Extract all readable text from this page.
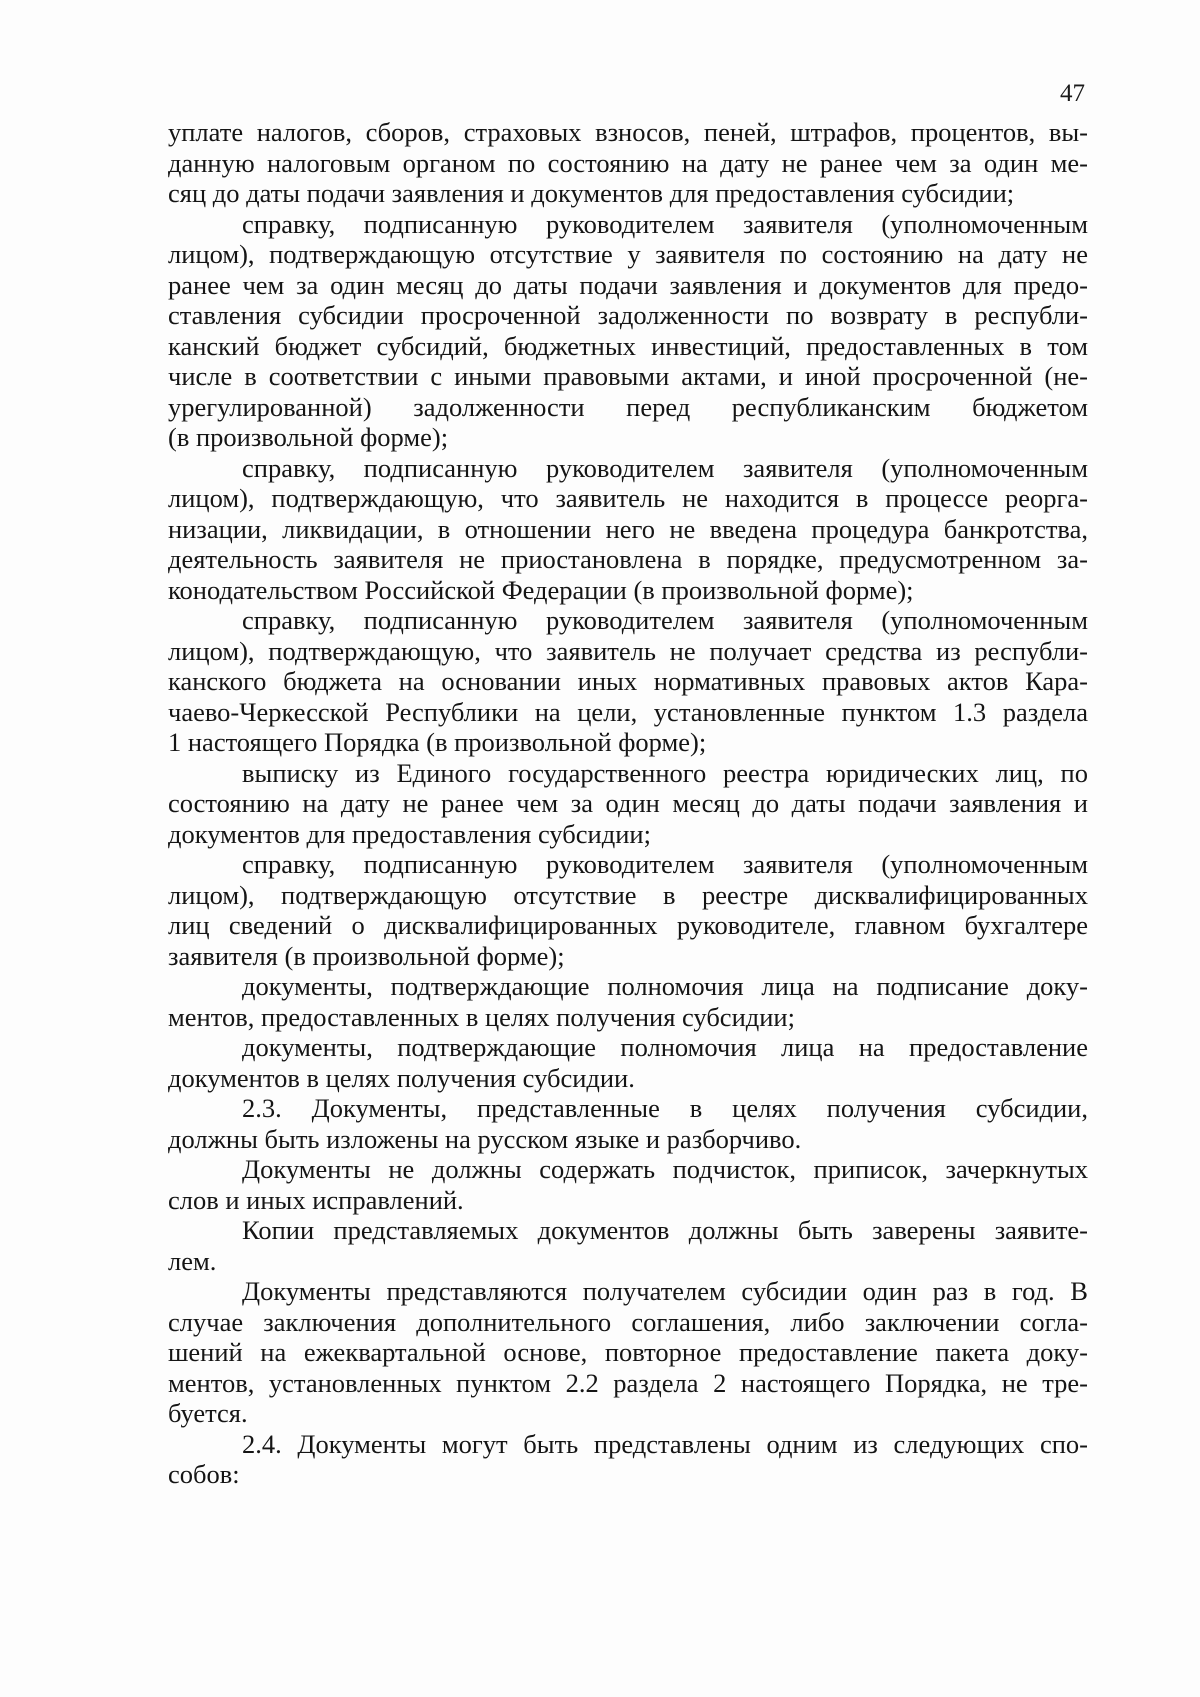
47
уплате налогов, сборов, страховых взносов, пеней, штрафов, процентов, вы-
данную налоговым органом по состоянию на дату не ранее чем за один ме-
сяц до даты подачи заявления и документов для предоставления субсидии;
справку, подписанную руководителем заявителя (уполномоченным
лицом), подтверждающую отсутствие у заявителя по состоянию на дату не
ранее чем за один месяц до даты подачи заявления и документов для предо-
ставления субсидии просроченной задолженности по возврату в республи-
канский бюджет субсидий, бюджетных инвестиций, предоставленных в том
числе в соответствии с иными правовыми актами, и иной просроченной (не-
урегулированной) задолженности перед республиканским бюджетом
(в произвольной форме);
справку, подписанную руководителем заявителя (уполномоченным
лицом), подтверждающую, что заявитель не находится в процессе реорга-
низации, ликвидации, в отношении него не введена процедура банкротства,
деятельность заявителя не приостановлена в порядке, предусмотренном за-
конодательством Российской Федерации (в произвольной форме);
справку, подписанную руководителем заявителя (уполномоченным
лицом), подтверждающую, что заявитель не получает средства из республи-
канского бюджета на основании иных нормативных правовых актов Кара-
чаево-Черкесской Республики на цели, установленные пунктом 1.3 раздела
1 настоящего Порядка (в произвольной форме);
выписку из Единого государственного реестра юридических лиц, по
состоянию на дату не ранее чем за один месяц до даты подачи заявления и
документов для предоставления субсидии;
справку, подписанную руководителем заявителя (уполномоченным
лицом), подтверждающую отсутствие в реестре дисквалифицированных
лиц сведений о дисквалифицированных руководителе, главном бухгалтере
заявителя (в произвольной форме);
документы, подтверждающие полномочия лица на подписание доку-
ментов, предоставленных в целях получения субсидии;
документы, подтверждающие полномочия лица на предоставление
документов в целях получения субсидии.
2.3. Документы, представленные в целях получения субсидии,
должны быть изложены на русском языке и разборчиво.
Документы не должны содержать подчисток, приписок, зачеркнутых
слов и иных исправлений.
Копии представляемых документов должны быть заверены заявите-
лем.
Документы представляются получателем субсидии один раз в год. В
случае заключения дополнительного соглашения, либо заключении согла-
шений на ежеквартальной основе, повторное предоставление пакета доку-
ментов, установленных пунктом 2.2 раздела 2 настоящего Порядка, не тре-
буется.
2.4. Документы могут быть представлены одним из следующих спо-
собов:
